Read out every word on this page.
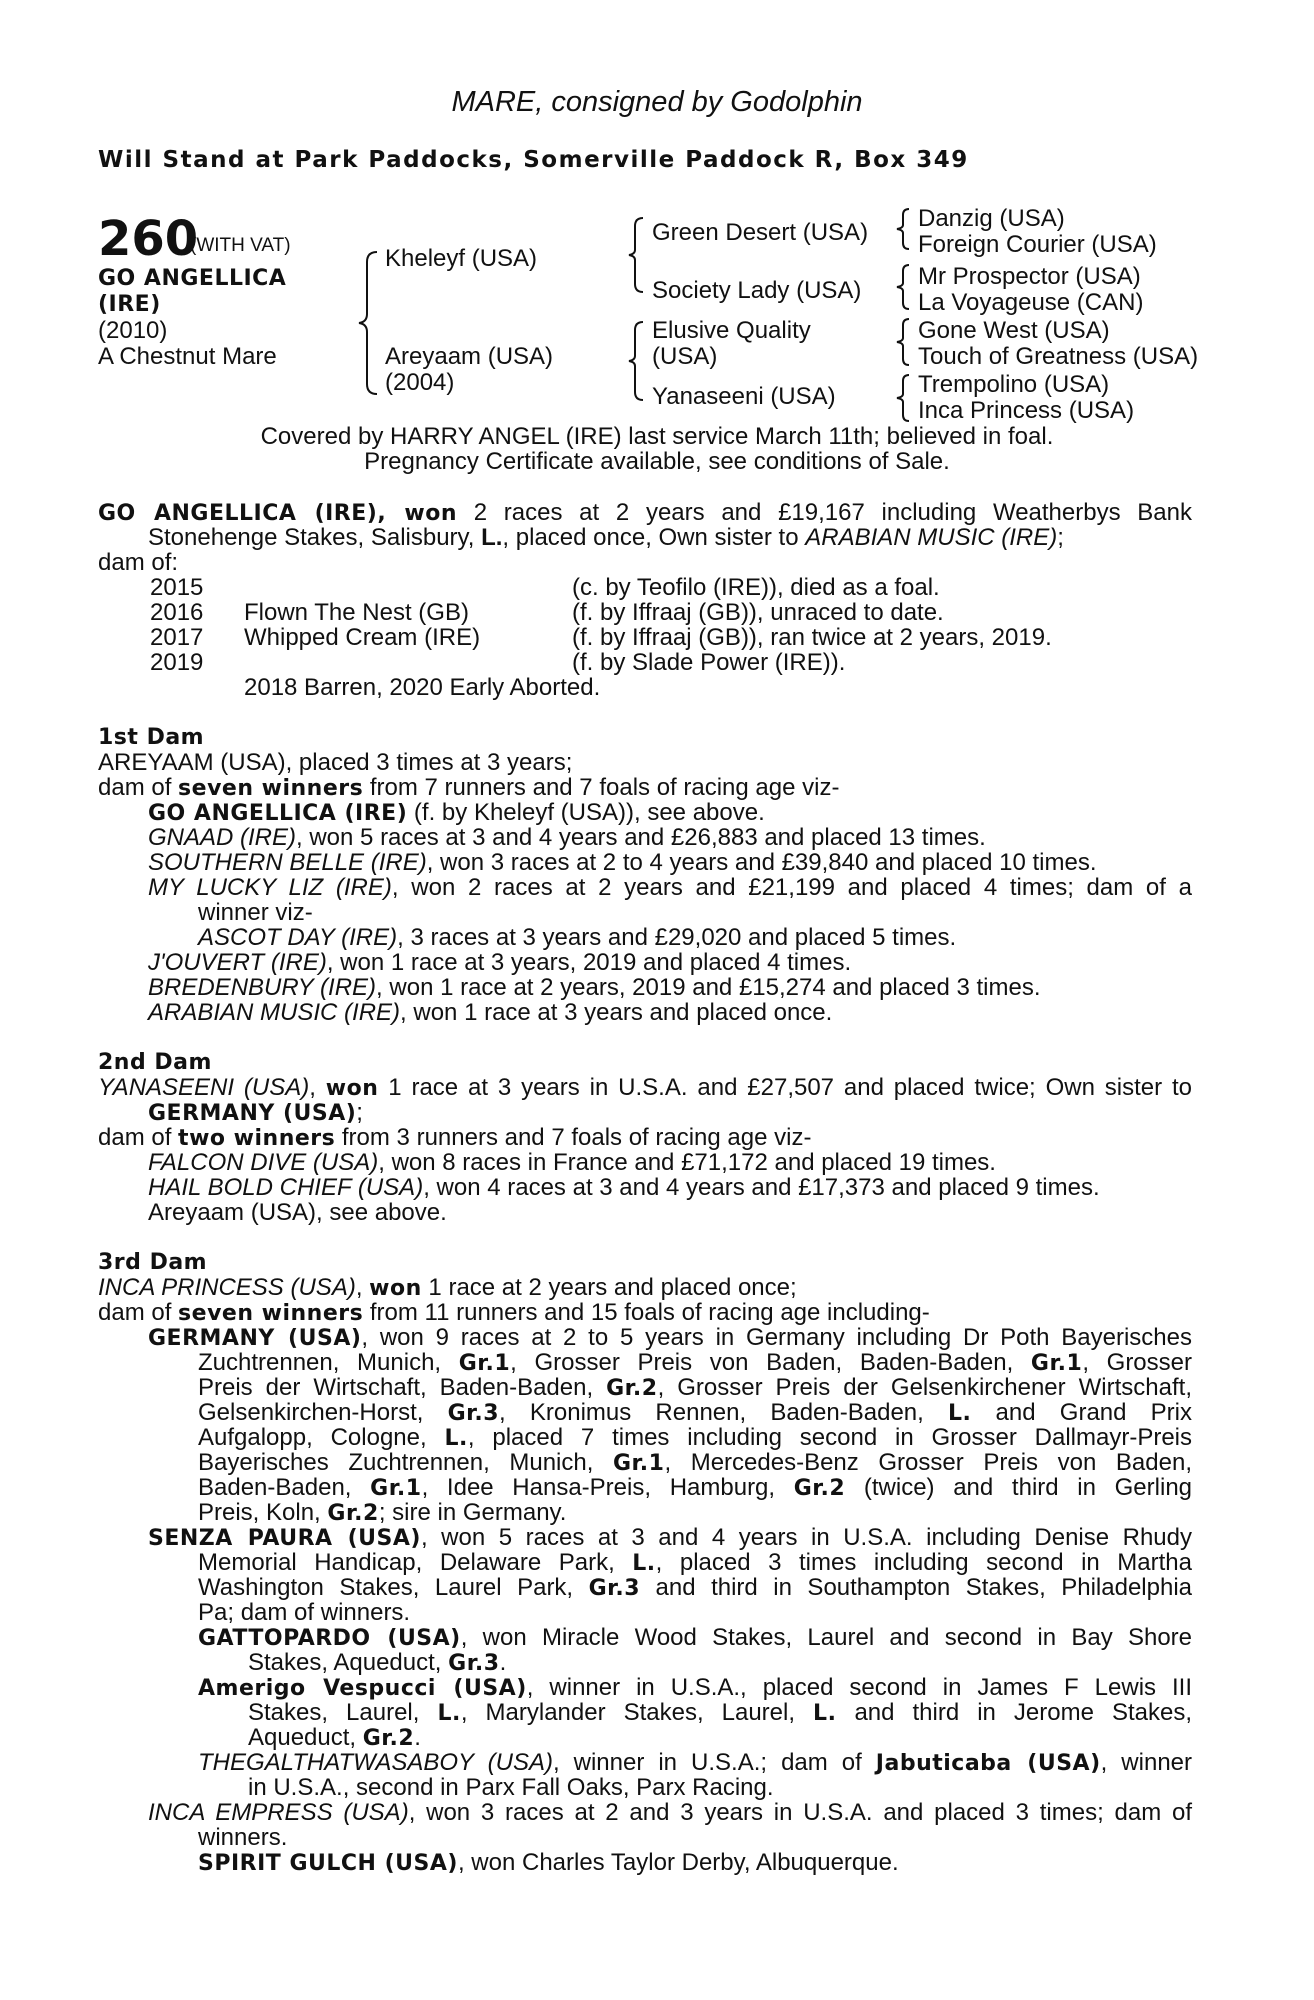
MARE, consigned by Godolphin
Will Stand at Park Paddocks, Somerville Paddock R, Box 349
260
(WITH VAT)
GO ANGELLICA
(IRE)
(2010)
A Chestnut Mare
Kheleyf (USA)
Areyaam (USA)
(2004)
Green Desert (USA)
Society Lady (USA)
Elusive Quality
(USA)
Yanaseeni (USA)
Danzig (USA)
Foreign Courier (USA)
Mr Prospector (USA)
La Voyageuse (CAN)
Gone West (USA)
Touch of Greatness (USA)
Trempolino (USA)
Inca Princess (USA)
Covered by HARRY ANGEL (IRE) last service March 11th; believed in foal.
Pregnancy Certificate available, see conditions of Sale.
GO ANGELLICA (IRE), won 2 races at 2 years and £19,167 including Weatherbys Bank
Stonehenge Stakes, Salisbury, L., placed once, Own sister to ARABIAN MUSIC (IRE);
dam of:
2015	(c. by Teofilo (IRE)), died as a foal.
2016 Flown The Nest (GB)	(f. by Iffraaj (GB)), unraced to date.
2017 Whipped Cream (IRE)	(f. by Iffraaj (GB)), ran twice at 2 years, 2019.
2019	(f. by Slade Power (IRE)).
2018 Barren, 2020 Early Aborted.
1st Dam
AREYAAM (USA), placed 3 times at 3 years;
dam of seven winners from 7 runners and 7 foals of racing age viz-
GO ANGELLICA (IRE) (f. by Kheleyf (USA)), see above.
GNAAD (IRE), won 5 races at 3 and 4 years and £26,883 and placed 13 times.
SOUTHERN BELLE (IRE), won 3 races at 2 to 4 years and £39,840 and placed 10 times.
MY LUCKY LIZ (IRE), won 2 races at 2 years and £21,199 and placed 4 times; dam of a
winner viz-
ASCOT DAY (IRE), 3 races at 3 years and £29,020 and placed 5 times.
J'OUVERT (IRE), won 1 race at 3 years, 2019 and placed 4 times.
BREDENBURY (IRE), won 1 race at 2 years, 2019 and £15,274 and placed 3 times.
ARABIAN MUSIC (IRE), won 1 race at 3 years and placed once.
2nd Dam
YANASEENI (USA), won 1 race at 3 years in U.S.A. and £27,507 and placed twice; Own sister to
GERMANY (USA);
dam of two winners from 3 runners and 7 foals of racing age viz-
FALCON DIVE (USA), won 8 races in France and £71,172 and placed 19 times.
HAIL BOLD CHIEF (USA), won 4 races at 3 and 4 years and £17,373 and placed 9 times.
Areyaam (USA), see above.
3rd Dam
INCA PRINCESS (USA), won 1 race at 2 years and placed once;
dam of seven winners from 11 runners and 15 foals of racing age including-
GERMANY (USA), won 9 races at 2 to 5 years in Germany including Dr Poth Bayerisches
Zuchtrennen, Munich, Gr.1, Grosser Preis von Baden, Baden-Baden, Gr.1, Grosser
Preis der Wirtschaft, Baden-Baden, Gr.2, Grosser Preis der Gelsenkirchener Wirtschaft,
Gelsenkirchen-Horst, Gr.3, Kronimus Rennen, Baden-Baden, L. and Grand Prix
Aufgalopp, Cologne, L., placed 7 times including second in Grosser Dallmayr-Preis
Bayerisches Zuchtrennen, Munich, Gr.1, Mercedes-Benz Grosser Preis von Baden,
Baden-Baden, Gr.1, Idee Hansa-Preis, Hamburg, Gr.2 (twice) and third in Gerling
Preis, Koln, Gr.2; sire in Germany.
SENZA PAURA (USA), won 5 races at 3 and 4 years in U.S.A. including Denise Rhudy
Memorial Handicap, Delaware Park, L., placed 3 times including second in Martha
Washington Stakes, Laurel Park, Gr.3 and third in Southampton Stakes, Philadelphia
Pa; dam of winners.
GATTOPARDO (USA), won Miracle Wood Stakes, Laurel and second in Bay Shore
Stakes, Aqueduct, Gr.3.
Amerigo Vespucci (USA), winner in U.S.A., placed second in James F Lewis III
Stakes, Laurel, L., Marylander Stakes, Laurel, L. and third in Jerome Stakes,
Aqueduct, Gr.2.
THEGALTHATWASABOY (USA), winner in U.S.A.; dam of Jabuticaba (USA), winner
in U.S.A., second in Parx Fall Oaks, Parx Racing.
INCA EMPRESS (USA), won 3 races at 2 and 3 years in U.S.A. and placed 3 times; dam of
winners.
SPIRIT GULCH (USA), won Charles Taylor Derby, Albuquerque.
